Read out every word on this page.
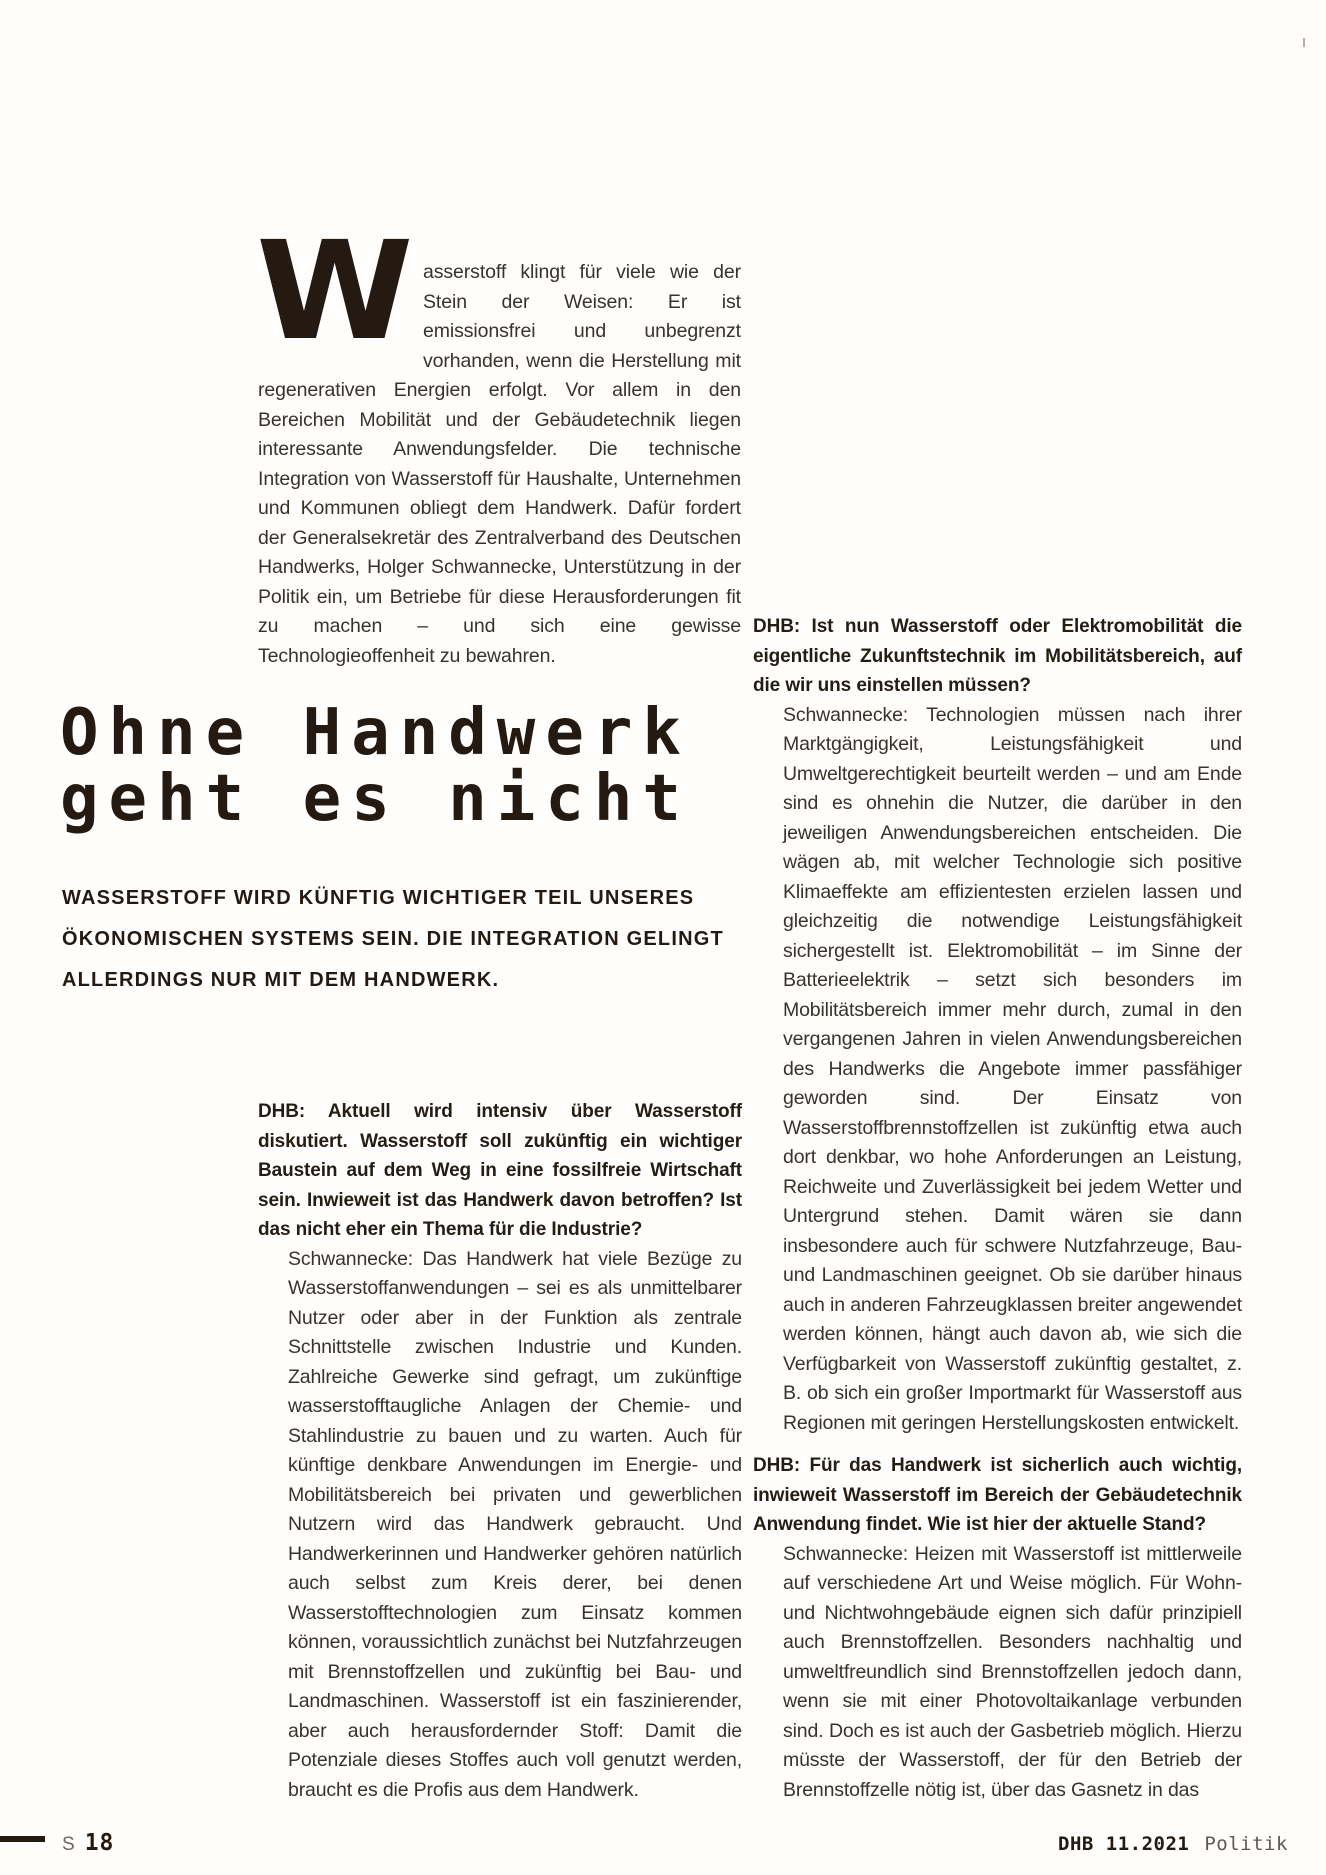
W asserstoff klingt für viele wie der Stein der Weisen: Er ist emissionsfrei und unbegrenzt vorhanden, wenn die Herstellung mit regenerativen Energien erfolgt. Vor allem in den Bereichen Mobilität und der Gebäudetechnik liegen interessante Anwendungsfelder. Die technische Integration von Wasserstoff für Haushalte, Unternehmen und Kommunen obliegt dem Handwerk. Dafür fordert der Generalsekretär des Zentralverband des Deutschen Handwerks, Holger Schwannecke, Unterstützung in der Politik ein, um Betriebe für diese Herausforderungen fit zu machen – und sich eine gewisse Technologieoffenheit zu bewahren.
Ohne Handwerk
geht es nicht
WASSERSTOFF WIRD KÜNFTIG WICHTIGER TEIL UNSERES
ÖKONOMISCHEN SYSTEMS SEIN. DIE INTEGRATION GELINGT
ALLERDINGS NUR MIT DEM HANDWERK.

DHB: Aktuell wird intensiv über Wasserstoff diskutiert. Wasserstoff soll zukünftig ein wichtiger Baustein auf dem Weg in eine fossilfreie Wirtschaft sein. Inwieweit ist das Handwerk davon betroffen? Ist das nicht eher ein Thema für die Industrie?

Schwannecke: Das Handwerk hat viele Bezüge zu Wasserstoffanwendungen – sei es als unmittelbarer Nutzer oder aber in der Funktion als zentrale Schnittstelle zwischen Industrie und Kunden. Zahlreiche Gewerke sind gefragt, um zukünftige wasserstofftaugliche Anlagen der Chemie- und Stahlindustrie zu bauen und zu warten. Auch für künftige denkbare Anwendungen im Energie- und Mobilitätsbereich bei privaten und gewerblichen Nutzern wird das Handwerk gebraucht. Und Handwerkerinnen und Handwerker gehören natürlich auch selbst zum Kreis derer, bei denen Wasserstofftechnologien zum Einsatz kommen können, voraussichtlich zunächst bei Nutzfahrzeugen mit Brennstoffzellen und zukünftig bei Bau- und Landmaschinen. Wasserstoff ist ein faszinierender, aber auch herausfordernder Stoff: Damit die Potenziale dieses Stoffes auch voll genutzt werden, braucht es die Profis aus dem Handwerk.

DHB: Ist nun Wasserstoff oder Elektromobilität die eigentliche Zukunftstechnik im Mobilitätsbereich, auf die wir uns einstellen müssen?

Schwannecke: Technologien müssen nach ihrer Marktgängigkeit, Leistungsfähigkeit und Umweltgerechtigkeit beurteilt werden – und am Ende sind es ohnehin die Nutzer, die darüber in den jeweiligen Anwendungsbereichen entscheiden. Die wägen ab, mit welcher Technologie sich positive Klimaeffekte am effizientesten erzielen lassen und gleichzeitig die notwendige Leistungsfähigkeit sichergestellt ist. Elektromobilität – im Sinne der Batterieelektrik – setzt sich besonders im Mobilitätsbereich immer mehr durch, zumal in den vergangenen Jahren in vielen Anwendungsbereichen des Handwerks die Angebote immer passfähiger geworden sind. Der Einsatz von Wasserstoffbrennstoffzellen ist zukünftig etwa auch dort denkbar, wo hohe Anforderungen an Leistung, Reichweite und Zuverlässigkeit bei jedem Wetter und Untergrund stehen. Damit wären sie dann insbesondere auch für schwere Nutzfahrzeuge, Bau- und Landmaschinen geeignet. Ob sie darüber hinaus auch in anderen Fahrzeugklassen breiter angewendet werden können, hängt auch davon ab, wie sich die Verfügbarkeit von Wasserstoff zukünftig gestaltet, z. B. ob sich ein großer Importmarkt für Wasserstoff aus Regionen mit geringen Herstellungskosten entwickelt.

DHB: Für das Handwerk ist sicherlich auch wichtig, inwieweit Wasserstoff im Bereich der Gebäudetechnik Anwendung findet. Wie ist hier der aktuelle Stand?

Schwannecke: Heizen mit Wasserstoff ist mittlerweile auf verschiedene Art und Weise möglich. Für Wohn- und Nichtwohngebäude eignen sich dafür prinzipiell auch Brennstoffzellen. Besonders nachhaltig und umweltfreundlich sind Brennstoffzellen jedoch dann, wenn sie mit einer Photovoltaikanlage verbunden sind. Doch es ist auch der Gasbetrieb möglich. Hierzu müsste der Wasserstoff, der für den Betrieb der Brennstoffzelle nötig ist, über das Gasnetz in das

S 18	DHB 11.2021 Politik
